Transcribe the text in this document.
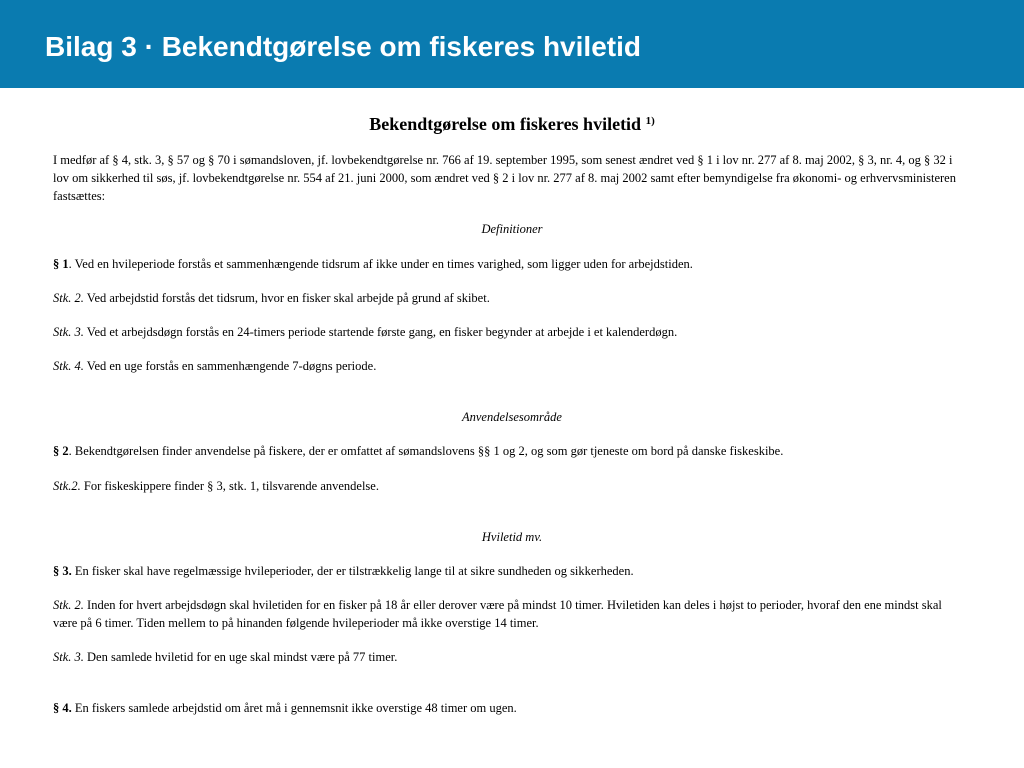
Bilag 3 · Bekendtgørelse om fiskeres hviletid
Bekendtgørelse om fiskeres hviletid $^{1)}$

I medfør af § 4, stk. 3, § 57 og § 70 i sømandsloven, jf. lovbekendtgørelse nr. 766 af 19. september 1995, som senest ændret ved § 1 i lov nr. 277 af 8. maj 2002, § 3, nr. 4, og § 32 i lov om sikkerhed til søs, jf. lovbekendtgørelse nr. 554 af 21. juni 2000, som ændret ved § 2 i lov nr. 277 af 8. maj 2002 samt efter bemyndigelse fra økonomi- og erhvervsministeren fastsættes:

Definitioner

§ 1. Ved en hvileperiode forstås et sammenhængende tidsrum af ikke under en times varighed, som ligger uden for arbejdstiden.

Stk. 2. Ved arbejdstid forstås det tidsrum, hvor en fisker skal arbejde på grund af skibet.

Stk. 3. Ved et arbejdsdøgn forstås en 24-timers periode startende første gang, en fisker begynder at arbejde i et kalenderdøgn.

Stk. 4. Ved en uge forstås en sammenhængende 7-døgns periode.

Anvendelsesområde

§ 2. Bekendtgørelsen finder anvendelse på fiskere, der er omfattet af sømandslovens §§ 1 og 2, og som gør tjeneste om bord på danske fiskeskibe.

Stk.2. For fiskeskippere finder § 3, stk. 1, tilsvarende anvendelse.

Hviletid mv.

§ 3. En fisker skal have regelmæssige hvileperioder, der er tilstrækkelig lange til at sikre sundheden og sikkerheden.

Stk. 2. Inden for hvert arbejdsdøgn skal hviletiden for en fisker på 18 år eller derover være på mindst 10 timer. Hviletiden kan deles i højst to perioder, hvoraf den ene mindst skal være på 6 timer. Tiden mellem to på hinanden følgende hvileperioder må ikke overstige 14 timer.

Stk. 3. Den samlede hviletid for en uge skal mindst være på 77 timer.

§ 4. En fiskers samlede arbejdstid om året må i gennemsnit ikke overstige 48 timer om ugen.
